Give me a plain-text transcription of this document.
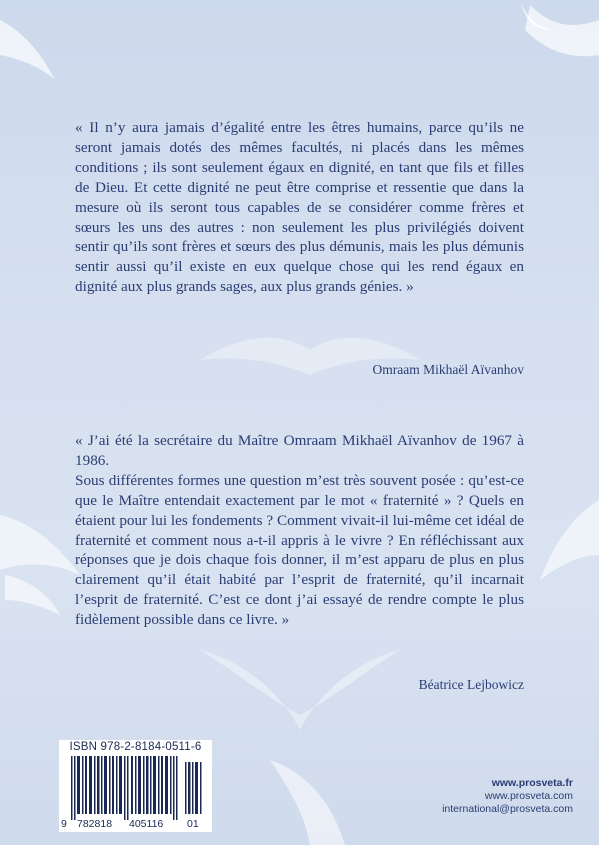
« Il n’y aura jamais d’égalité entre les êtres humains, parce qu’ils ne seront jamais dotés des mêmes facultés, ni placés dans les mêmes conditions ; ils sont seulement égaux en dignité, en tant que fils et filles de Dieu. Et cette dignité ne peut être comprise et ressentie que dans la mesure où ils seront tous capables de se considérer comme frères et sœurs les uns des autres : non seulement les plus privilégiés doivent sentir qu’ils sont frères et sœurs des plus démunis, mais les plus démunis sentir aussi qu’il existe en eux quelque chose qui les rend égaux en dignité aux plus grands sages, aux plus grands génies. »

Omraam Mikhaël Aïvanhov

« J’ai été la secrétaire du Maître Omraam Mikhaël Aïvanhov de 1967 à 1986.

Sous différentes formes une question m’est très souvent posée : qu’est-ce que le Maître entendait exactement par le mot « fraternité » ? Quels en étaient pour lui les fondements ? Comment vivait-il lui-même cet idéal de fraternité et comment nous a-t-il appris à le vivre ? En réfléchissant aux réponses que je dois chaque fois donner, il m’est apparu de plus en plus clairement qu’il était habité par l’esprit de fraternité, qu’il incarnait l’esprit de fraternité. C’est ce dont j’ai essayé de rendre compte le plus fidèlement possible dans ce livre. »

Béatrice Lejbowicz
ISBN 978-2-8184-0511-6
9 782818 405116 01
www.prosveta.fr
www.prosveta.com
international@prosveta.com
